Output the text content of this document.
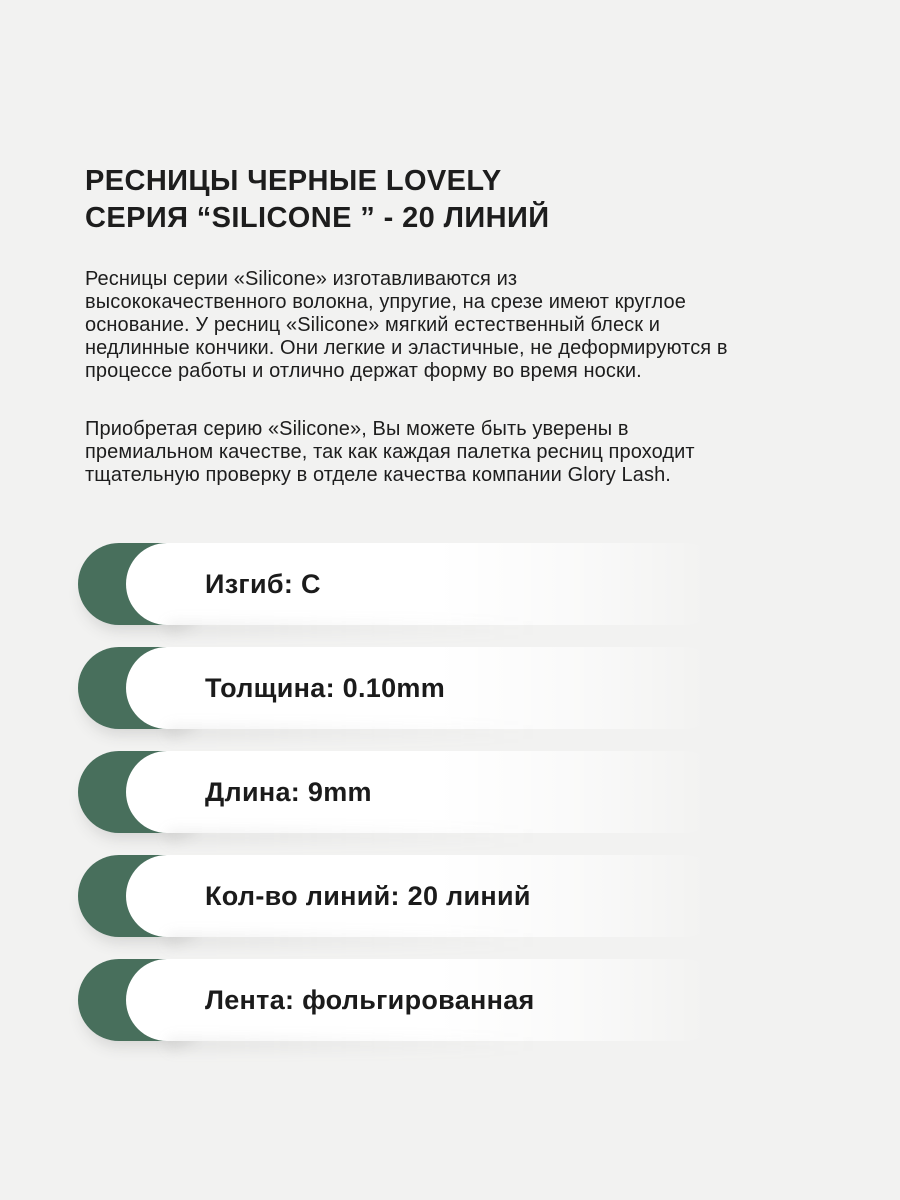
РЕСНИЦЫ ЧЕРНЫЕ LOVELY
СЕРИЯ “SILICONE ” - 20 ЛИНИЙ
Ресницы серии «Silicone» изготавливаются из
высококачественного волокна, упругие, на срезе имеют круглое
основание. У ресниц «Silicone» мягкий естественный блеск и
недлинные кончики. Они легкие и эластичные, не деформируются в
процессе работы и отлично держат форму во время носки.
Приобретая серию «Silicone», Вы можете быть уверены в
премиальном качестве, так как каждая палетка ресниц проходит
тщательную проверку в отделе качества компании Glory Lash.
Изгиб: C
Толщина: 0.10mm
Длина: 9mm
Кол-во линий: 20 линий
Лента: фольгированная
